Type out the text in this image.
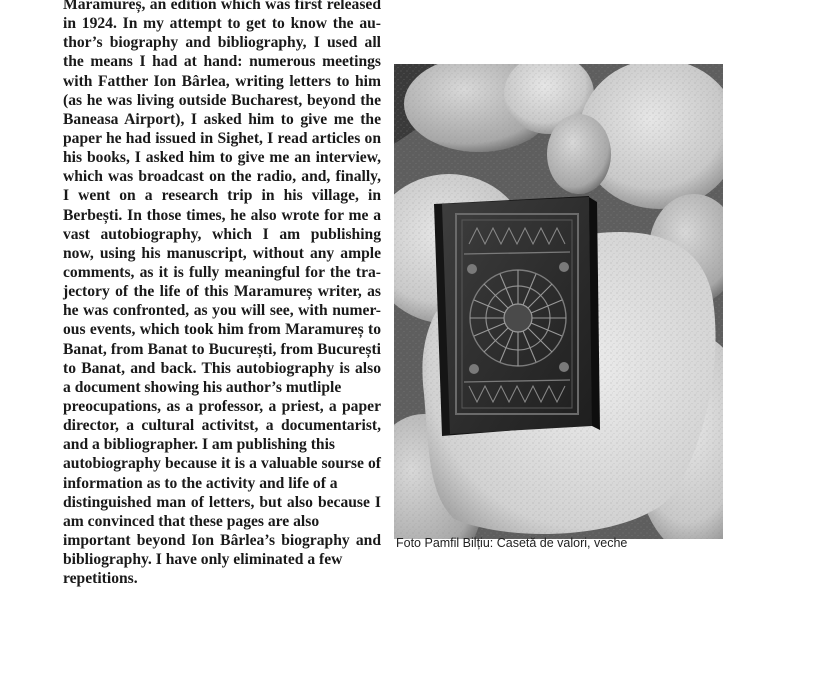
Maramureș, an edition which was first released
in 1924. In my attempt to get to know the au-
thor’s biography and bibliography, I used all
the means I had at hand: numerous meetings
with Fatther Ion Bârlea, writing letters to him
(as he was living outside Bucharest, beyond the
Baneasa Airport), I asked him to give me the
paper he had issued in Sighet, I read articles on
his books, I asked him to give me an interview,
which was broadcast on the radio, and, finally,
I went on a research trip in his village, in
Berbești. In those times, he also wrote for me a
vast autobiography, which I am publishing
now, using his manuscript, without any ample
comments, as it is fully meaningful for the tra-
jectory of the life of this Maramureș writer, as
he was confronted, as you will see, with numer-
ous events, which took him from Maramureș to
Banat, from Banat to București, from București
to Banat, and back. This autobiography is also
a document showing his author’s mutliple
preocupations, as a professor, a priest, a paper
director, a cultural activitst, a documentarist,
and a bibliographer. I am publishing this
autobiography because it is a valuable sourse of
information as to the activity and life of a
distinguished man of letters, but also because I
am convinced that these pages are also
important beyond Ion Bârlea’s biography and
bibliography. I have only eliminated a few
repetitions.
Foto Pamfil Bilțiu: Casetă de valori, veche
